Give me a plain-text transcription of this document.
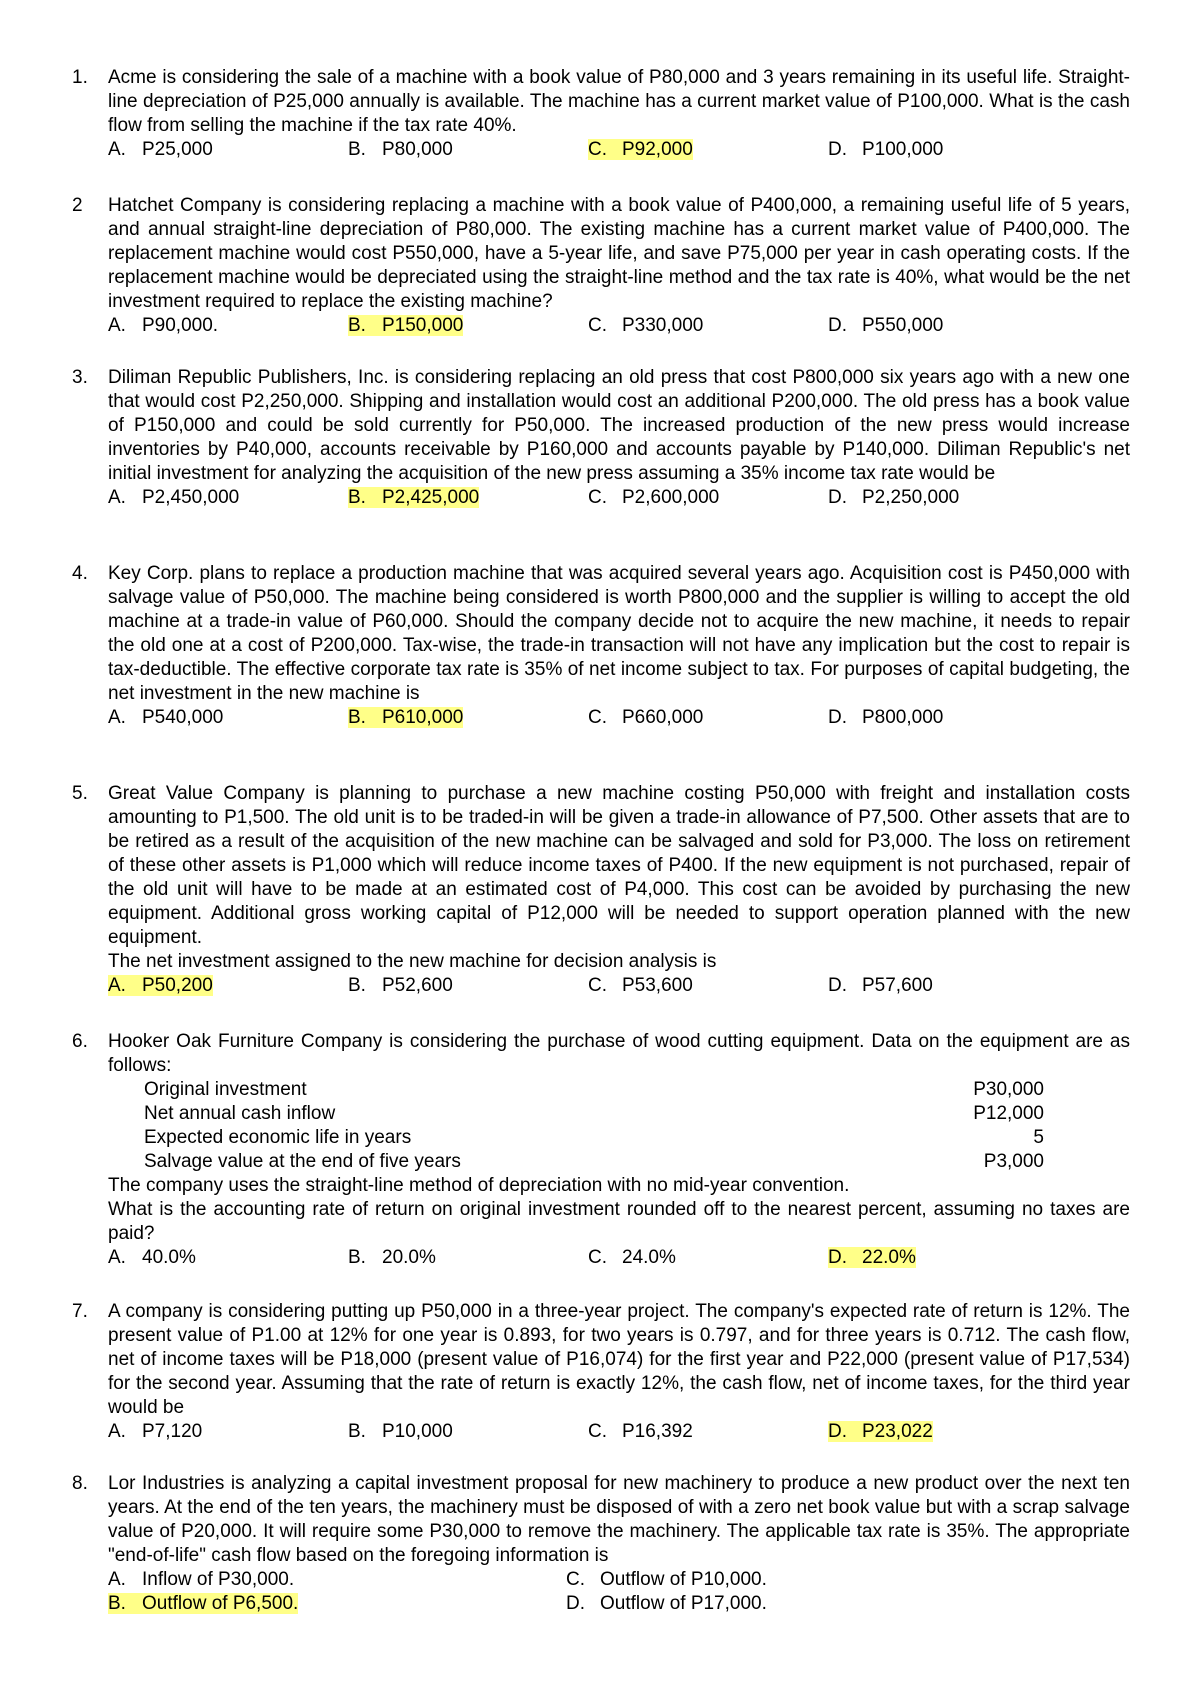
1.	Acme is considering the sale of a machine with a book value of P80,000 and 3 years remaining in its useful life. Straight-line depreciation of P25,000 annually is available. The machine has a current market value of P100,000. What is the cash flow from selling the machine if the tax rate 40%.
A. P25,000	B. P80,000	C. P92,000	D. P100,000
2	Hatchet Company is considering replacing a machine with a book value of P400,000, a remaining useful life of 5 years, and annual straight-line depreciation of P80,000. The existing machine has a current market value of P400,000. The replacement machine would cost P550,000, have a 5-year life, and save P75,000 per year in cash operating costs. If the replacement machine would be depreciated using the straight-line method and the tax rate is 40%, what would be the net investment required to replace the existing machine?
A. P90,000.	B. P150,000	C. P330,000	D. P550,000
3.	Diliman Republic Publishers, Inc. is considering replacing an old press that cost P800,000 six years ago with a new one that would cost P2,250,000. Shipping and installation would cost an additional P200,000. The old press has a book value of P150,000 and could be sold currently for P50,000. The increased production of the new press would increase inventories by P40,000, accounts receivable by P160,000 and accounts payable by P140,000. Diliman Republic's net initial investment for analyzing the acquisition of the new press assuming a 35% income tax rate would be
A. P2,450,000	B. P2,425,000	C. P2,600,000	D. P2,250,000
4.	Key Corp. plans to replace a production machine that was acquired several years ago. Acquisition cost is P450,000 with salvage value of P50,000. The machine being considered is worth P800,000 and the supplier is willing to accept the old machine at a trade-in value of P60,000. Should the company decide not to acquire the new machine, it needs to repair the old one at a cost of P200,000. Tax-wise, the trade-in transaction will not have any implication but the cost to repair is tax-deductible. The effective corporate tax rate is 35% of net income subject to tax. For purposes of capital budgeting, the net investment in the new machine is
A. P540,000	B. P610,000	C. P660,000	D. P800,000
5.	Great Value Company is planning to purchase a new machine costing P50,000 with freight and installation costs amounting to P1,500. The old unit is to be traded-in will be given a trade-in allowance of P7,500. Other assets that are to be retired as a result of the acquisition of the new machine can be salvaged and sold for P3,000. The loss on retirement of these other assets is P1,000 which will reduce income taxes of P400. If the new equipment is not purchased, repair of the old unit will have to be made at an estimated cost of P4,000. This cost can be avoided by purchasing the new equipment. Additional gross working capital of P12,000 will be needed to support operation planned with the new equipment.
The net investment assigned to the new machine for decision analysis is
A. P50,200	B. P52,600	C. P53,600	D. P57,600
6.	Hooker Oak Furniture Company is considering the purchase of wood cutting equipment. Data on the equipment are as follows:
Original investment	P30,000
Net annual cash inflow	P12,000
Expected economic life in years	5
Salvage value at the end of five years	P3,000
The company uses the straight-line method of depreciation with no mid-year convention.
What is the accounting rate of return on original investment rounded off to the nearest percent, assuming no taxes are paid?
A. 40.0%	B. 20.0%	C. 24.0%	D. 22.0%
7.	A company is considering putting up P50,000 in a three-year project. The company's expected rate of return is 12%. The present value of P1.00 at 12% for one year is 0.893, for two years is 0.797, and for three years is 0.712. The cash flow, net of income taxes will be P18,000 (present value of P16,074) for the first year and P22,000 (present value of P17,534) for the second year. Assuming that the rate of return is exactly 12%, the cash flow, net of income taxes, for the third year would be
A. P7,120	B. P10,000	C. P16,392	D. P23,022
8.	Lor Industries is analyzing a capital investment proposal for new machinery to produce a new product over the next ten years. At the end of the ten years, the machinery must be disposed of with a zero net book value but with a scrap salvage value of P20,000. It will require some P30,000 to remove the machinery. The applicable tax rate is 35%. The appropriate "end-of-life" cash flow based on the foregoing information is
A. Inflow of P30,000.	C. Outflow of P10,000.
B. Outflow of P6,500.	D. Outflow of P17,000.
